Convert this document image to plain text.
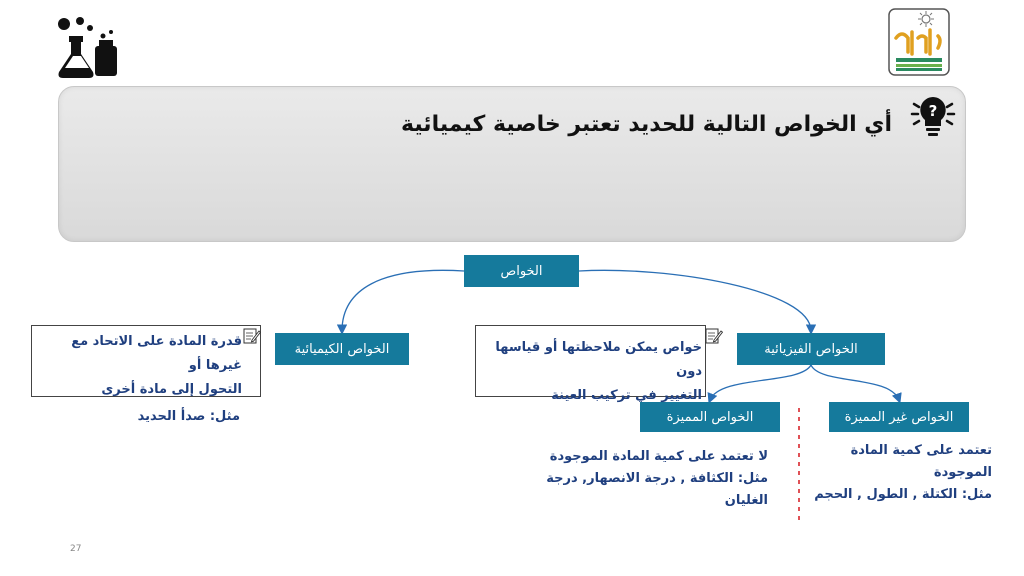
أي الخواص التالية للحديد تعتبر خاصية كيميائية
?
الخواص
الخواص الكيميائية	الخواص الفيزيائية
الخواص المميزة	الخواص غير المميزة
قدرة المادة على الاتحاد مع غيرها أو
التحول إلى مادة أخرى
خواص يمكن ملاحظتها أو قياسها دون
التغيير في تركيب العينة
مثل: صدأ الحديد
لا تعتمد على كمية المادة الموجودة
مثل: الكثافة , درجة الانصهار, درجة الغليان
تعتمد على كمية المادة الموجودة
مثل: الكتلة , الطول , الحجم
27
